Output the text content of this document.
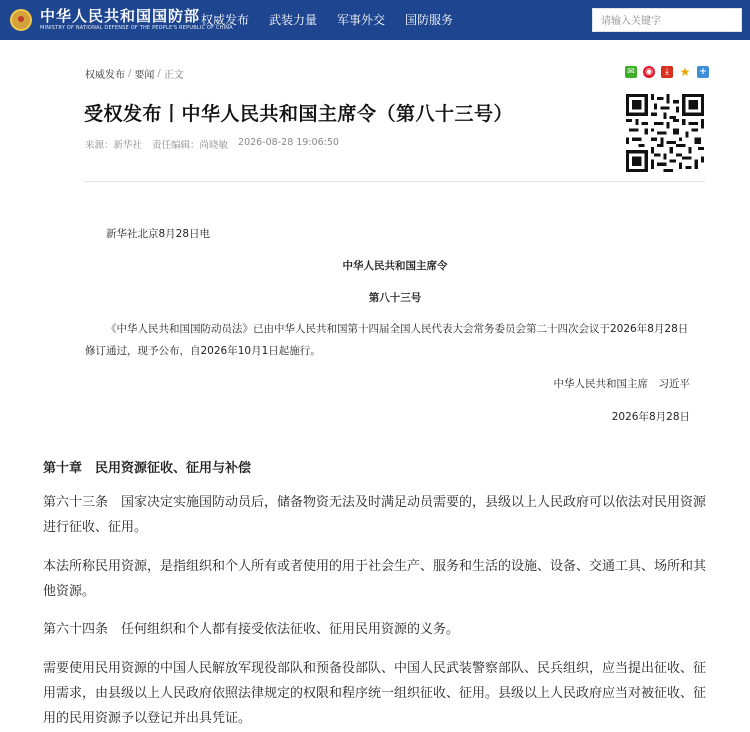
中华人民共和国国防部
MINISTRY OF NATIONAL DEFENSE OF THE PEOPLE'S REPUBLIC OF CHINA
权威发布 武装力量 军事外交 国防服务
请输入关键字
权威发布 / 要闻 / 正文
受权发布丨中华人民共和国主席令（第八十三号）
来源：新华社 责任编辑：尚晓敏 2026-08-28 19:06:50
✉ ◉	⤓ ★ +

新华社北京8月28日电

中华人民共和国主席令

第八十三号

《中华人民共和国国防动员法》已由中华人民共和国第十四届全国人民代表大会常务委员会第二十四次会议于2026年8月28日修订通过，现予公布，自2026年10月1日起施行。

中华人民共和国主席　习近平

2026年8月28日

第十章　民用资源征收、征用与补偿

第六十三条　国家决定实施国防动员后，储备物资无法及时满足动员需要的，县级以上人民政府可以依法对民用资源进行征收、征用。

本法所称民用资源，是指组织和个人所有或者使用的用于社会生产、服务和生活的设施、设备、交通工具、场所和其他资源。

第六十四条　任何组织和个人都有接受依法征收、征用民用资源的义务。

需要使用民用资源的中国人民解放军现役部队和预备役部队、中国人民武装警察部队、民兵组织，应当提出征收、征用需求，由县级以上人民政府依照法律规定的权限和程序统一组织征收、征用。县级以上人民政府应当对被征收、征用的民用资源予以登记并出具凭证。
